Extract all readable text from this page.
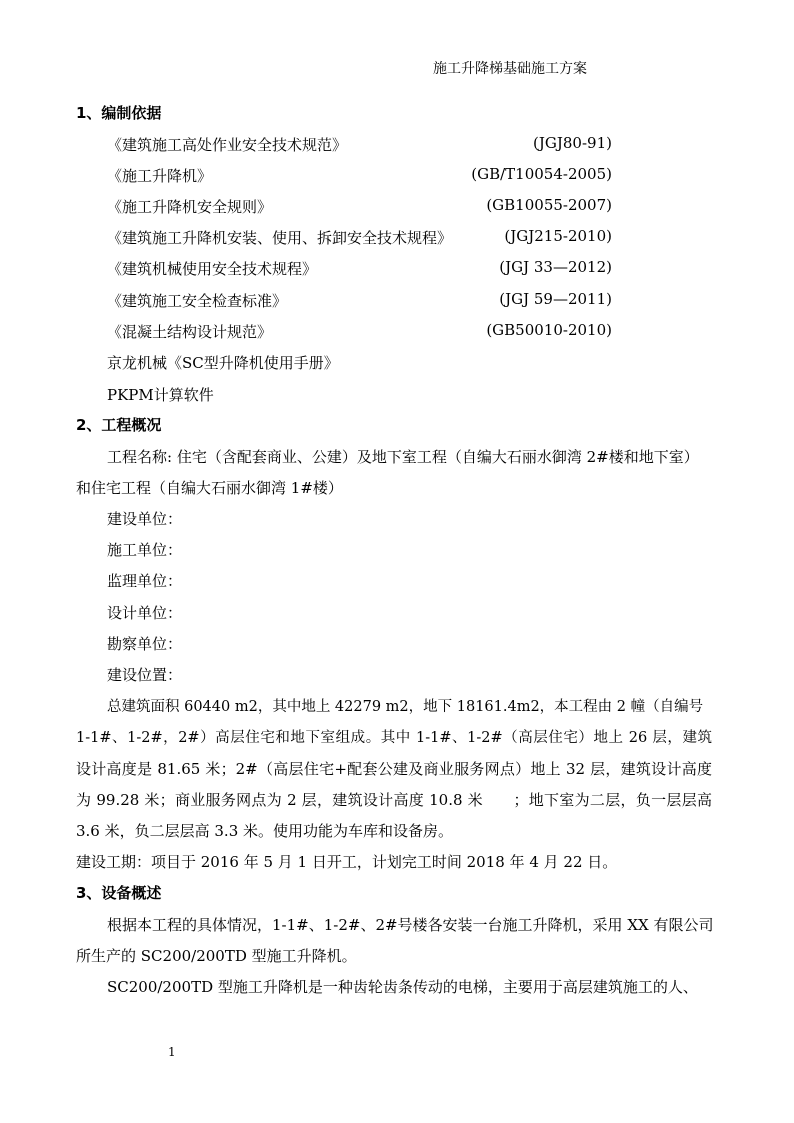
施工升降梯基础施工方案
1、编制依据
《建筑施工高处作业安全技术规范》	(JGJ80-91)
《施工升降机》	(GB/T10054-2005)
《施工升降机安全规则》	(GB10055-2007)
《建筑施工升降机安装、使用、拆卸安全技术规程》	(JGJ215-2010)
《建筑机械使用安全技术规程》	(JGJ 33—2012)
《建筑施工安全检查标准》	(JGJ 59—2011)
《混凝土结构设计规范》	(GB50010-2010)
京龙机械《SC型升降机使用手册》
PKPM计算软件
2、工程概况
工程名称: 住宅（含配套商业、公建）及地下室工程（自编大石丽水御湾 2#楼和地下室）
和住宅工程（自编大石丽水御湾 1#楼）
建设单位：
施工单位：
监理单位：
设计单位：
勘察单位：
建设位置：
总建筑面积 60440 m2，其中地上 42279 m2，地下 18161.4m2，本工程由 2 幢（自编号
1-1#、1-2#，2#）高层住宅和地下室组成。其中 1-1#、1-2#（高层住宅）地上 26 层，建筑
设计高度是 81.65 米；2#（高层住宅+配套公建及商业服务网点）地上 32 层，建筑设计高度
为 99.28 米；商业服务网点为 2 层，建筑设计高度 10.8 米　　；地下室为二层，负一层层高
3.6 米，负二层层高 3.3 米。使用功能为车库和设备房。
建设工期：项目于 2016 年 5 月 1 日开工，计划完工时间 2018 年 4 月 22 日。
3、设备概述
根据本工程的具体情况，1-1#、1-2#、2#号楼各安装一台施工升降机，采用 XX 有限公司
所生产的 SC200/200TD 型施工升降机。
SC200/200TD 型施工升降机是一种齿轮齿条传动的电梯，主要用于高层建筑施工的人、
1
